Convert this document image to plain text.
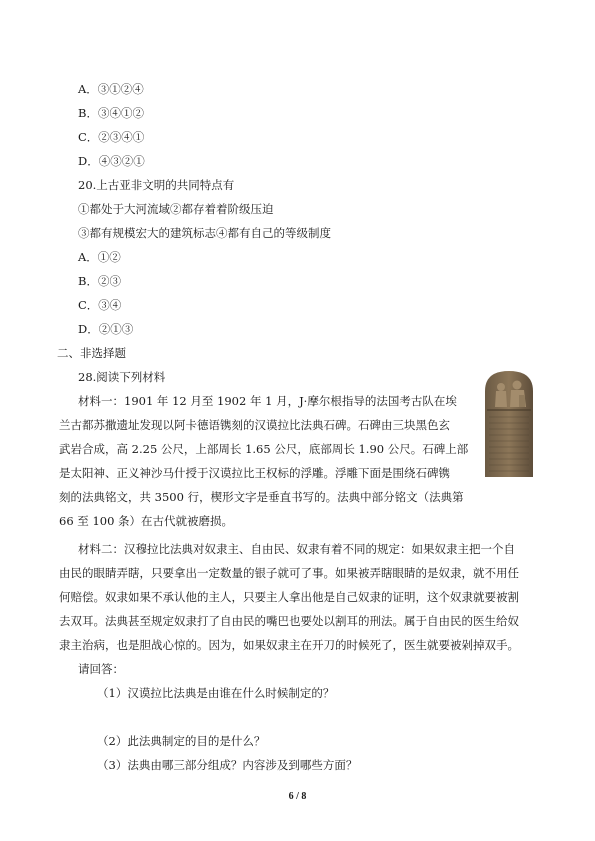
A．③①②④
B．③④①②
C．②③④①
D．④③②①
20.上古亚非文明的共同特点有
①都处于大河流域②都存着着阶级压迫
③都有规模宏大的建筑标志④都有自己的等级制度
A．①②
B．②③
C．③④
D．②①③
二、非选择题
28.阅读下列材料
材料一：1901 年 12 月至 1902 年 1 月，J·摩尔根指导的法国考古队在埃
兰古都苏撒遗址发现以阿卡德语镌刻的汉谟拉比法典石碑。石碑由三块黑色玄
武岩合成，高 2.25 公尺，上部周长 1.65 公尺，底部周长 1.90 公尺。石碑上部
是太阳神、正义神沙马什授于汉谟拉比王权标的浮雕。浮雕下面是围绕石碑镌
刻的法典铭文，共 3500 行，楔形文字是垂直书写的。法典中部分铭文（法典第
66 至 100 条）在古代就被磨损。
材料二：汉穆拉比法典对奴隶主、自由民、奴隶有着不同的规定：如果奴隶主把一个自
由民的眼睛弄瞎，只要拿出一定数量的银子就可了事。如果被弄瞎眼睛的是奴隶，就不用任
何赔偿。奴隶如果不承认他的主人，只要主人拿出他是自己奴隶的证明，这个奴隶就要被割
去双耳。法典甚至规定奴隶打了自由民的嘴巴也要处以割耳的刑法。属于自由民的医生给奴
隶主治病，也是胆战心惊的。因为，如果奴隶主在开刀的时候死了，医生就要被剁掉双手。
请回答：
（1）汉谟拉比法典是由谁在什么时候制定的？
（2）此法典制定的目的是什么？
（3）法典由哪三部分组成？内容涉及到哪些方面？
6 / 8
